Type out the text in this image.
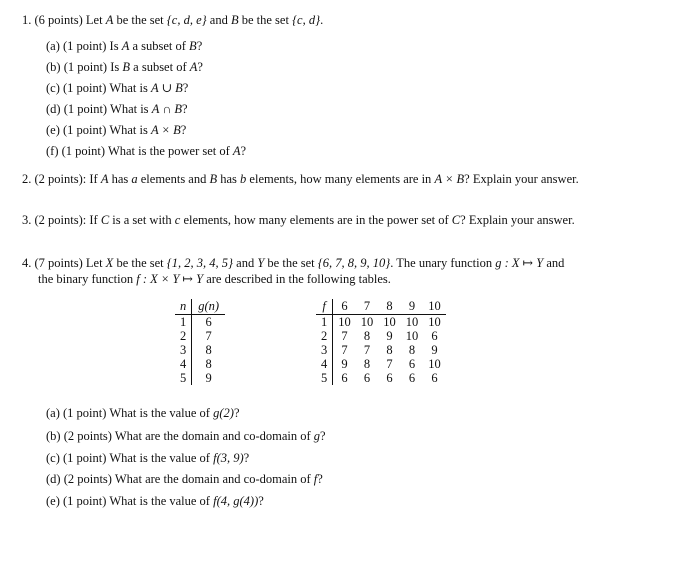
1. (6 points) Let A be the set {c, d, e} and B be the set {c, d}.
(a) (1 point) Is A a subset of B?
(b) (1 point) Is B a subset of A?
(c) (1 point) What is A ∪ B?
(d) (1 point) What is A ∩ B?
(e) (1 point) What is A × B?
(f) (1 point) What is the power set of A?
2. (2 points): If A has a elements and B has b elements, how many elements are in A × B? Explain your answer.
3. (2 points): If C is a set with c elements, how many elements are in the power set of C? Explain your answer.
4. (7 points) Let X be the set {1, 2, 3, 4, 5} and Y be the set {6, 7, 8, 9, 10}. The unary function g : X ↦ Y and
the binary function f : X × Y ↦ Y are described in the following tables.
n	g(n)
1	6
2	7
3	8
4	8
5	9
f	6	7	8	9	10
1	10	10	10	10	10
2	7	8	9	10	6
3	7	7	8	8	9
4	9	8	7	6	10
5	6	6	6	6	6
(a) (1 point) What is the value of g(2)?
(b) (2 points) What are the domain and co-domain of g?
(c) (1 point) What is the value of f(3, 9)?
(d) (2 points) What are the domain and co-domain of f?
(e) (1 point) What is the value of f(4, g(4))?
